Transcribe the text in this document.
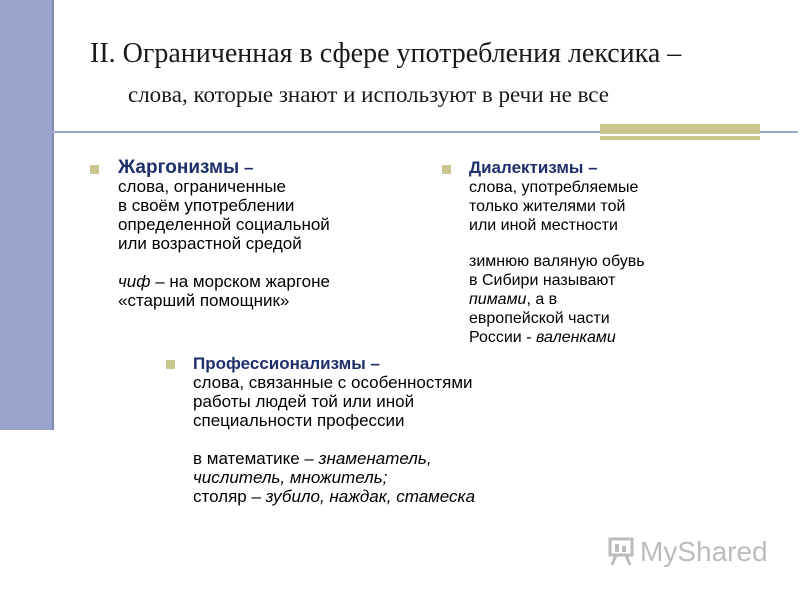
II. Ограниченная в сфере употребления лексика –
слова, которые знают и используют в речи не все
Жаргонизмы –
слова, ограниченные
в своём употреблении
определенной социальной
или возрастной средой
чиф – на морском жаргоне
«старший помощник»
Диалектизмы –
слова, употребляемые
только жителями той
или иной местности
зимнюю валяную обувь
в Сибири называют
пимами, а в
европейской части
России - валенками
Профессионализмы –
слова, связанные с особенностями
работы людей той или иной
специальности профессии
в математике – знаменатель,
числитель, множитель;
столяр – зубило, наждак, стамеска
MyShared
